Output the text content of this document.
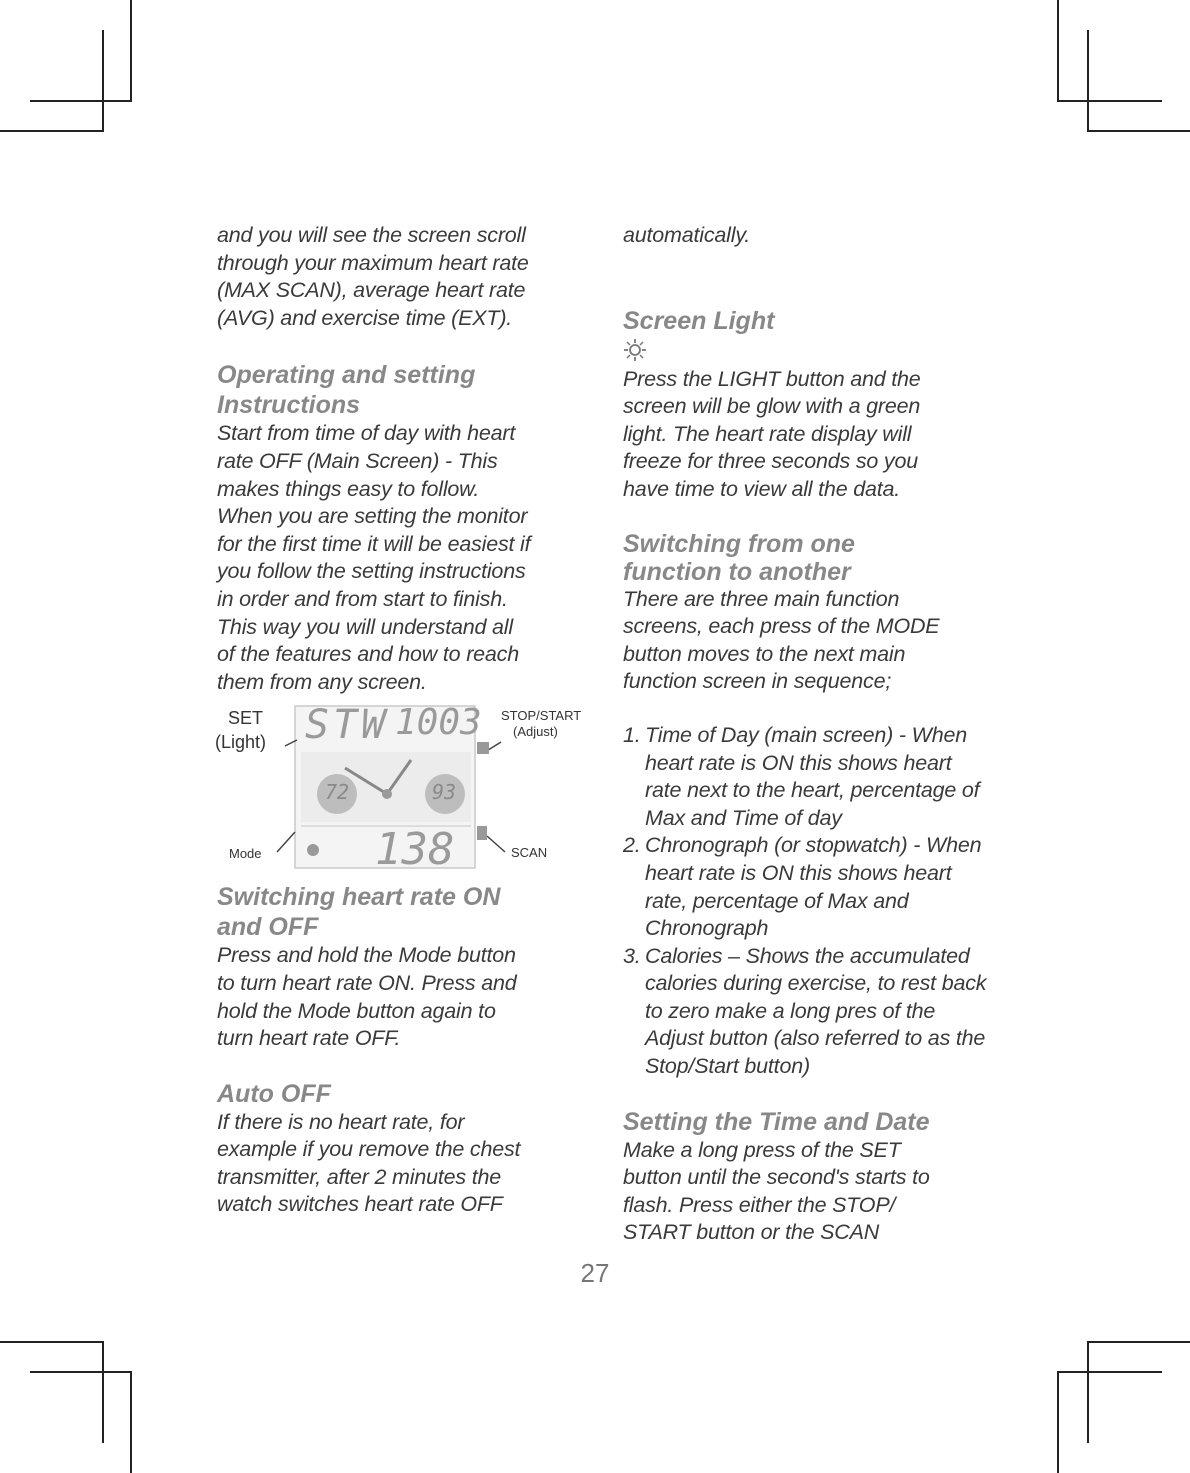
and you will see the screen scroll
through your maximum heart rate
(MAX SCAN), average heart rate
(AVG) and exercise time (EXT).

Operating and setting
Instructions

Start from time of day with heart
rate OFF (Main Screen) - This
makes things easy to follow.
When you are setting the monitor
for the first time it will be easiest if
you follow the setting instructions
in order and from start to finish.
This way you will understand all
of the features and how to reach
them from any screen.

SET
(Light)
STOP/START
(Adjust)
Mode	SCAN
STW 1003
72	93
138
Switching heart rate ON
and OFF

Press and hold the Mode button
to turn heart rate ON. Press and
hold the Mode button again to
turn heart rate OFF.

Auto OFF

If there is no heart rate, for
example if you remove the chest
transmitter, after 2 minutes the
watch switches heart rate OFF

automatically.

Screen Light

Press the LIGHT button and the
screen will be glow with a green
light. The heart rate display will
freeze for three seconds so you
have time to view all the data.

Switching from one
function to another

There are three main function
screens, each press of the MODE
button moves to the next main
function screen in sequence;

1. Time of Day (main screen) - When heart rate is ON this shows heart rate next to the heart, percentage of Max and Time of day
2. Chronograph (or stopwatch) - When heart rate is ON this shows heart rate, percentage of Max and Chronograph
3. Calories – Shows the accumulated calories during exercise, to rest back to zero make a long pres of the Adjust button (also referred to as the Stop/Start button)
Setting the Time and Date

Make a long press of the SET
button until the second's starts to
flash. Press either the STOP/
START button or the SCAN

27
